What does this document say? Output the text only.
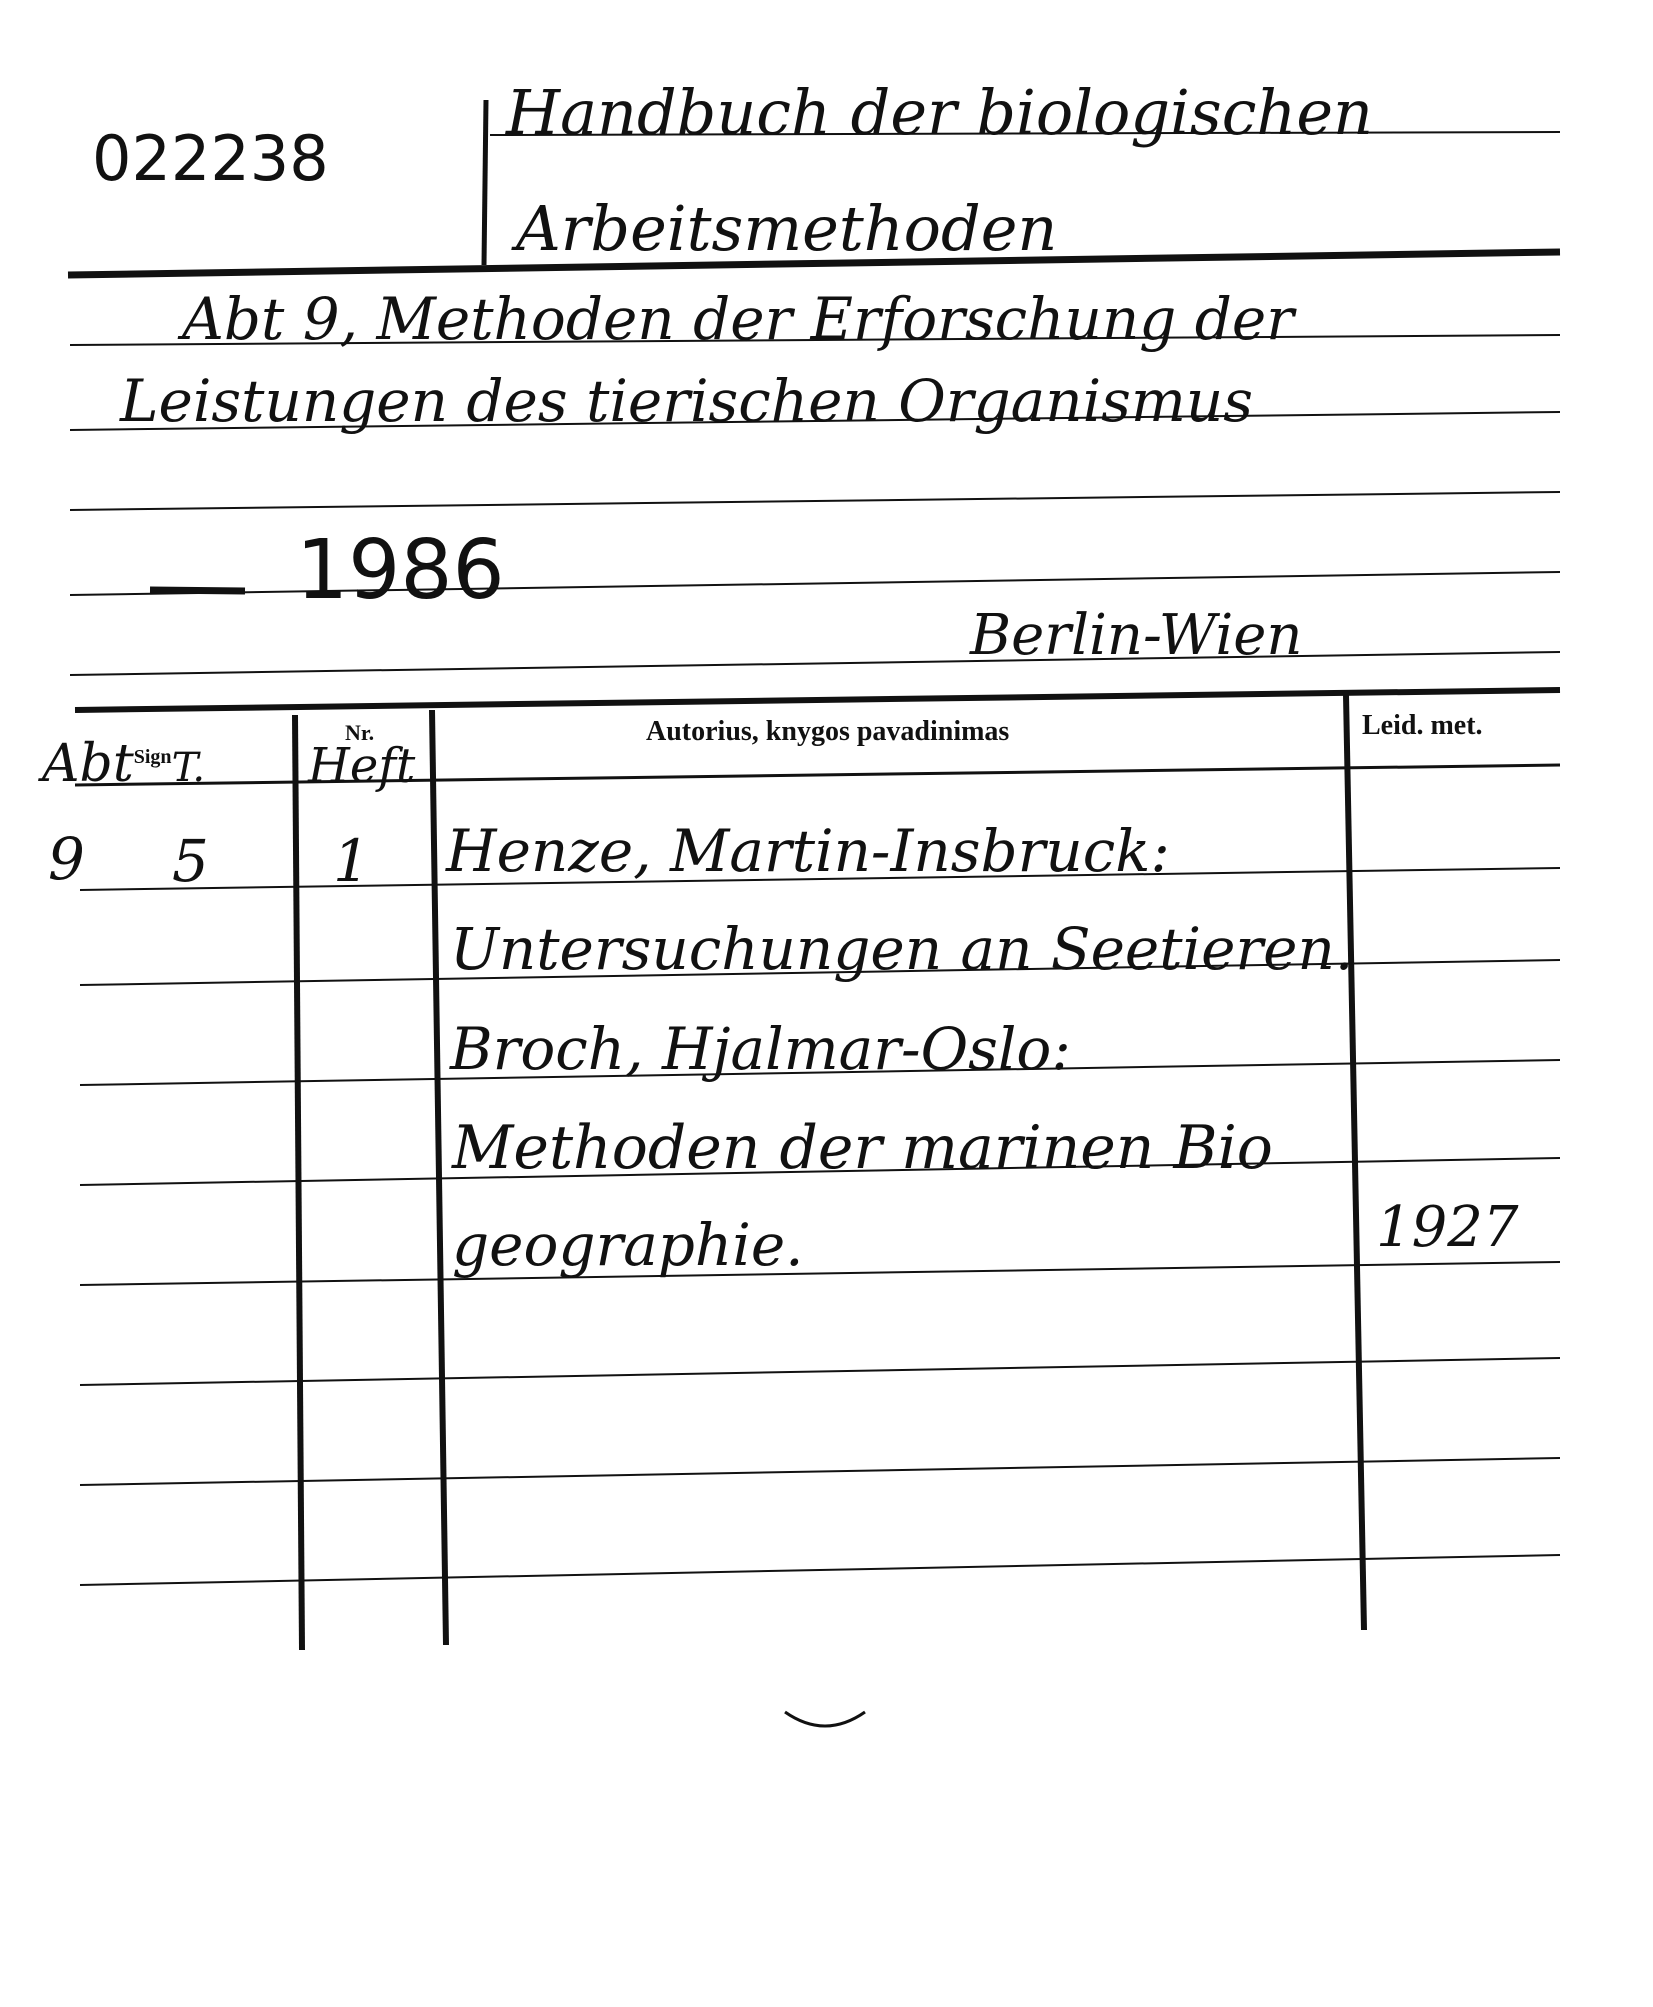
022238
Handbuch der biologischen
Arbeitsmethoden
Abt 9, Methoden der Erforschung der
Leistungen des tierischen Organismus
1986
Berlin-Wien
Abt$^{Sign}$T.
Nr.
Heft
Autorius, knygos pavadinimas	Leid. met.
9 5 1 Henze, Martin-Insbruck:
Untersuchungen an Seetieren.
Broch, Hjalmar-Oslo:
Methoden der marinen Bio
geographie.	1927
